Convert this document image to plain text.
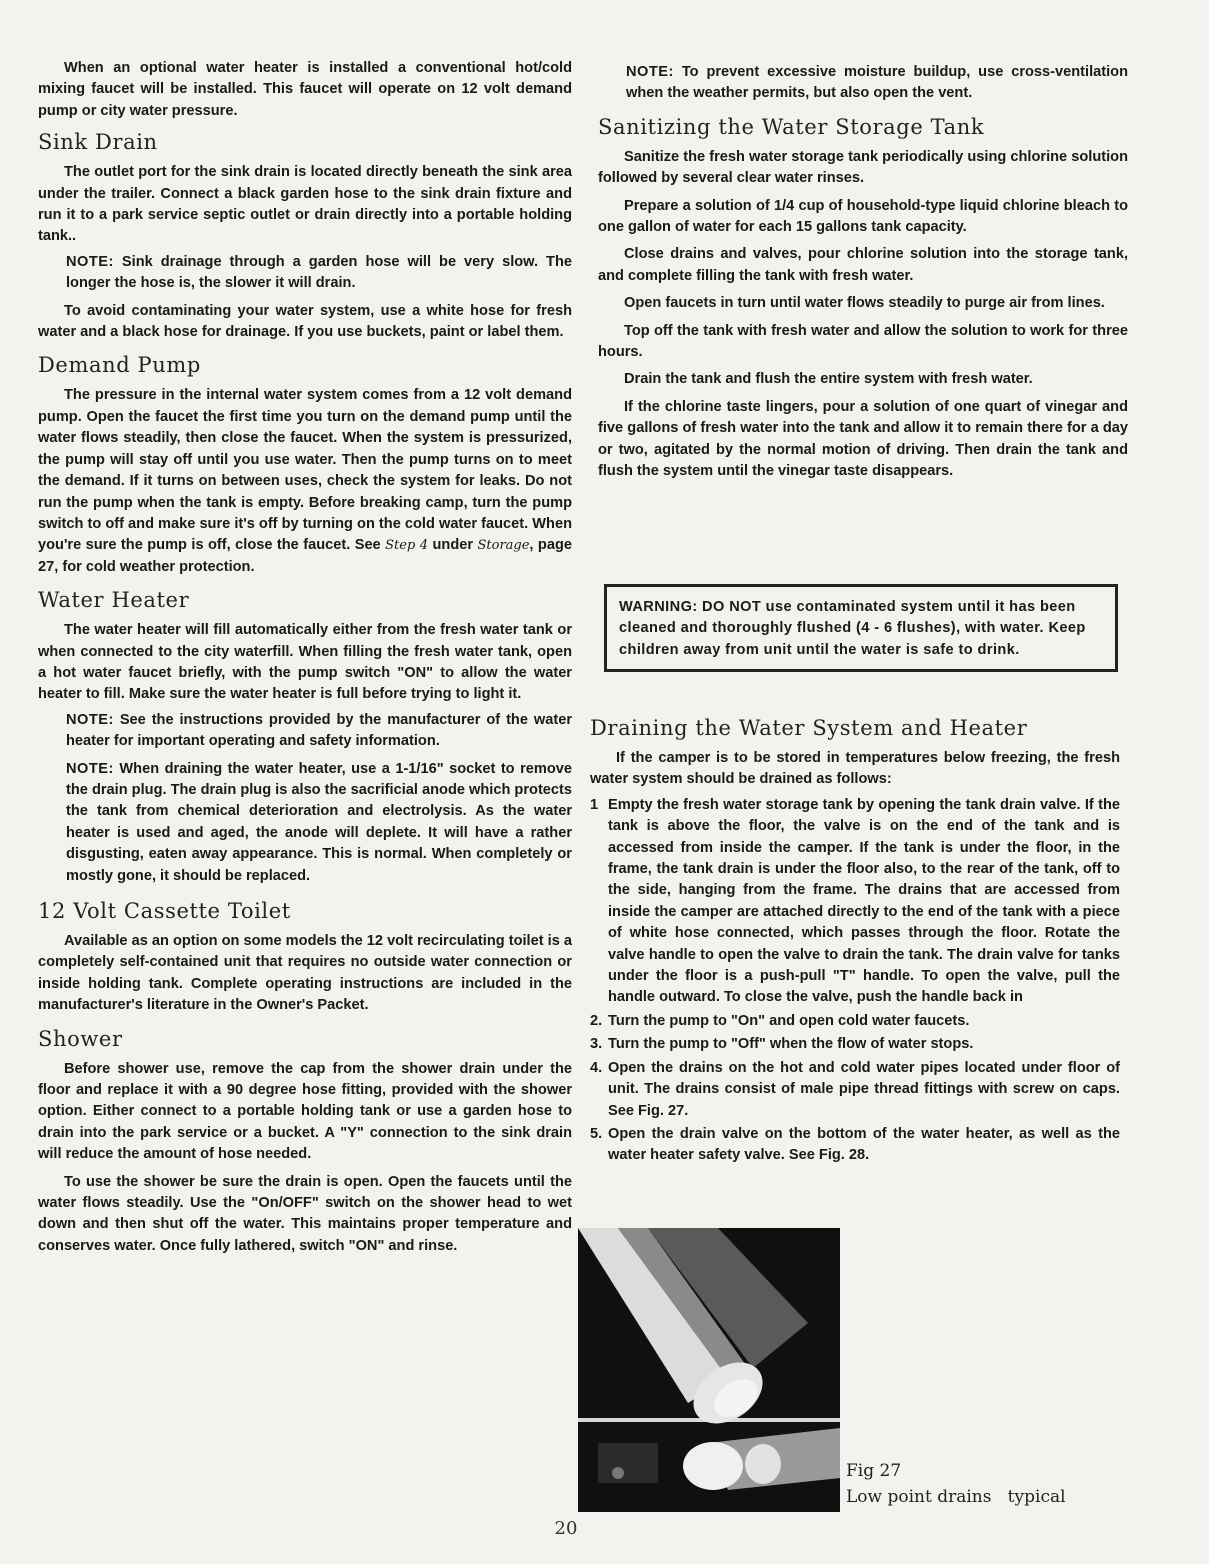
When an optional water heater is installed a conventional hot/cold mixing faucet will be installed. This faucet will operate on 12 volt demand pump or city water pressure.

Sink Drain

The outlet port for the sink drain is located directly beneath the sink area under the trailer. Connect a black garden hose to the sink drain fixture and run it to a park service septic outlet or drain directly into a portable holding tank..

NOTE: Sink drainage through a garden hose will be very slow. The longer the hose is, the slower it will drain.

To avoid contaminating your water system, use a white hose for fresh water and a black hose for drainage. If you use buckets, paint or label them.

Demand Pump

The pressure in the internal water system comes from a 12 volt demand pump. Open the faucet the first time you turn on the demand pump until the water flows steadily, then close the faucet. When the system is pressurized, the pump will stay off until you use water. Then the pump turns on to meet the demand. If it turns on between uses, check the system for leaks. Do not run the pump when the tank is empty. Before breaking camp, turn the pump switch to off and make sure it's off by turning on the cold water faucet. When you're sure the pump is off, close the faucet. See Step 4 under Storage, page 27, for cold weather protection.

Water Heater

The water heater will fill automatically either from the fresh water tank or when connected to the city waterfill. When filling the fresh water tank, open a hot water faucet briefly, with the pump switch "ON" to allow the water heater to fill. Make sure the water heater is full before trying to light it.

NOTE: See the instructions provided by the manufacturer of the water heater for important operating and safety information.

NOTE: When draining the water heater, use a 1-1/16" socket to remove the drain plug. The drain plug is also the sacrificial anode which protects the tank from chemical deterioration and electrolysis. As the water heater is used and aged, the anode will deplete. It will have a rather disgusting, eaten away appearance. This is normal. When completely or mostly gone, it should be replaced.

12 Volt Cassette Toilet

Available as an option on some models the 12 volt recirculating toilet is a completely self-contained unit that requires no outside water connection or inside holding tank. Complete operating instructions are included in the manufacturer's literature in the Owner's Packet.

Shower

Before shower use, remove the cap from the shower drain under the floor and replace it with a 90 degree hose fitting, provided with the shower option. Either connect to a portable holding tank or use a garden hose to drain into the park service or a bucket. A "Y" connection to the sink drain will reduce the amount of hose needed.

To use the shower be sure the drain is open. Open the faucets until the water flows steadily. Use the "On/OFF" switch on the shower head to wet down and then shut off the water. This maintains proper temperature and conserves water. Once fully lathered, switch "ON" and rinse.

NOTE: To prevent excessive moisture buildup, use cross-ventilation when the weather permits, but also open the vent.

Sanitizing the Water Storage Tank

Sanitize the fresh water storage tank periodically using chlorine solution followed by several clear water rinses.

Prepare a solution of 1/4 cup of household-type liquid chlorine bleach to one gallon of water for each 15 gallons tank capacity.

Close drains and valves, pour chlorine solution into the storage tank, and complete filling the tank with fresh water.

Open faucets in turn until water flows steadily to purge air from lines.

Top off the tank with fresh water and allow the solution to work for three hours.

Drain the tank and flush the entire system with fresh water.

If the chlorine taste lingers, pour a solution of one quart of vinegar and five gallons of fresh water into the tank and allow it to remain there for a day or two, agitated by the normal motion of driving. Then drain the tank and flush the system until the vinegar taste disappears.

WARNING: DO NOT use contaminated system until it has been cleaned and thoroughly flushed (4 - 6 flushes), with water. Keep children away from unit until the water is safe to drink.
Draining the Water System and Heater

If the camper is to be stored in temperatures below freezing, the fresh water system should be drained as follows:

1 Empty the fresh water storage tank by opening the tank drain valve. If the tank is above the floor, the valve is on the end of the tank and is accessed from inside the camper. If the tank is under the floor, in the frame, the tank drain is under the floor also, to the rear of the tank, off to the side, hanging from the frame. The drains that are accessed from inside the camper are attached directly to the end of the tank with a piece of white hose connected, which passes through the floor. Rotate the valve handle to open the valve to drain the tank. The drain valve for tanks under the floor is a push-pull "T" handle. To open the valve, pull the handle outward. To close the valve, push the handle back in
2. Turn the pump to "On" and open cold water faucets.
3. Turn the pump to "Off" when the flow of water stops.
4. Open the drains on the hot and cold water pipes located under floor of unit. The drains consist of male pipe thread fittings with screw on caps. See Fig. 27.
5. Open the drain valve on the bottom of the water heater, as well as the water heater safety valve. See Fig. 28.
Fig 27
Low point drains   typical
20
